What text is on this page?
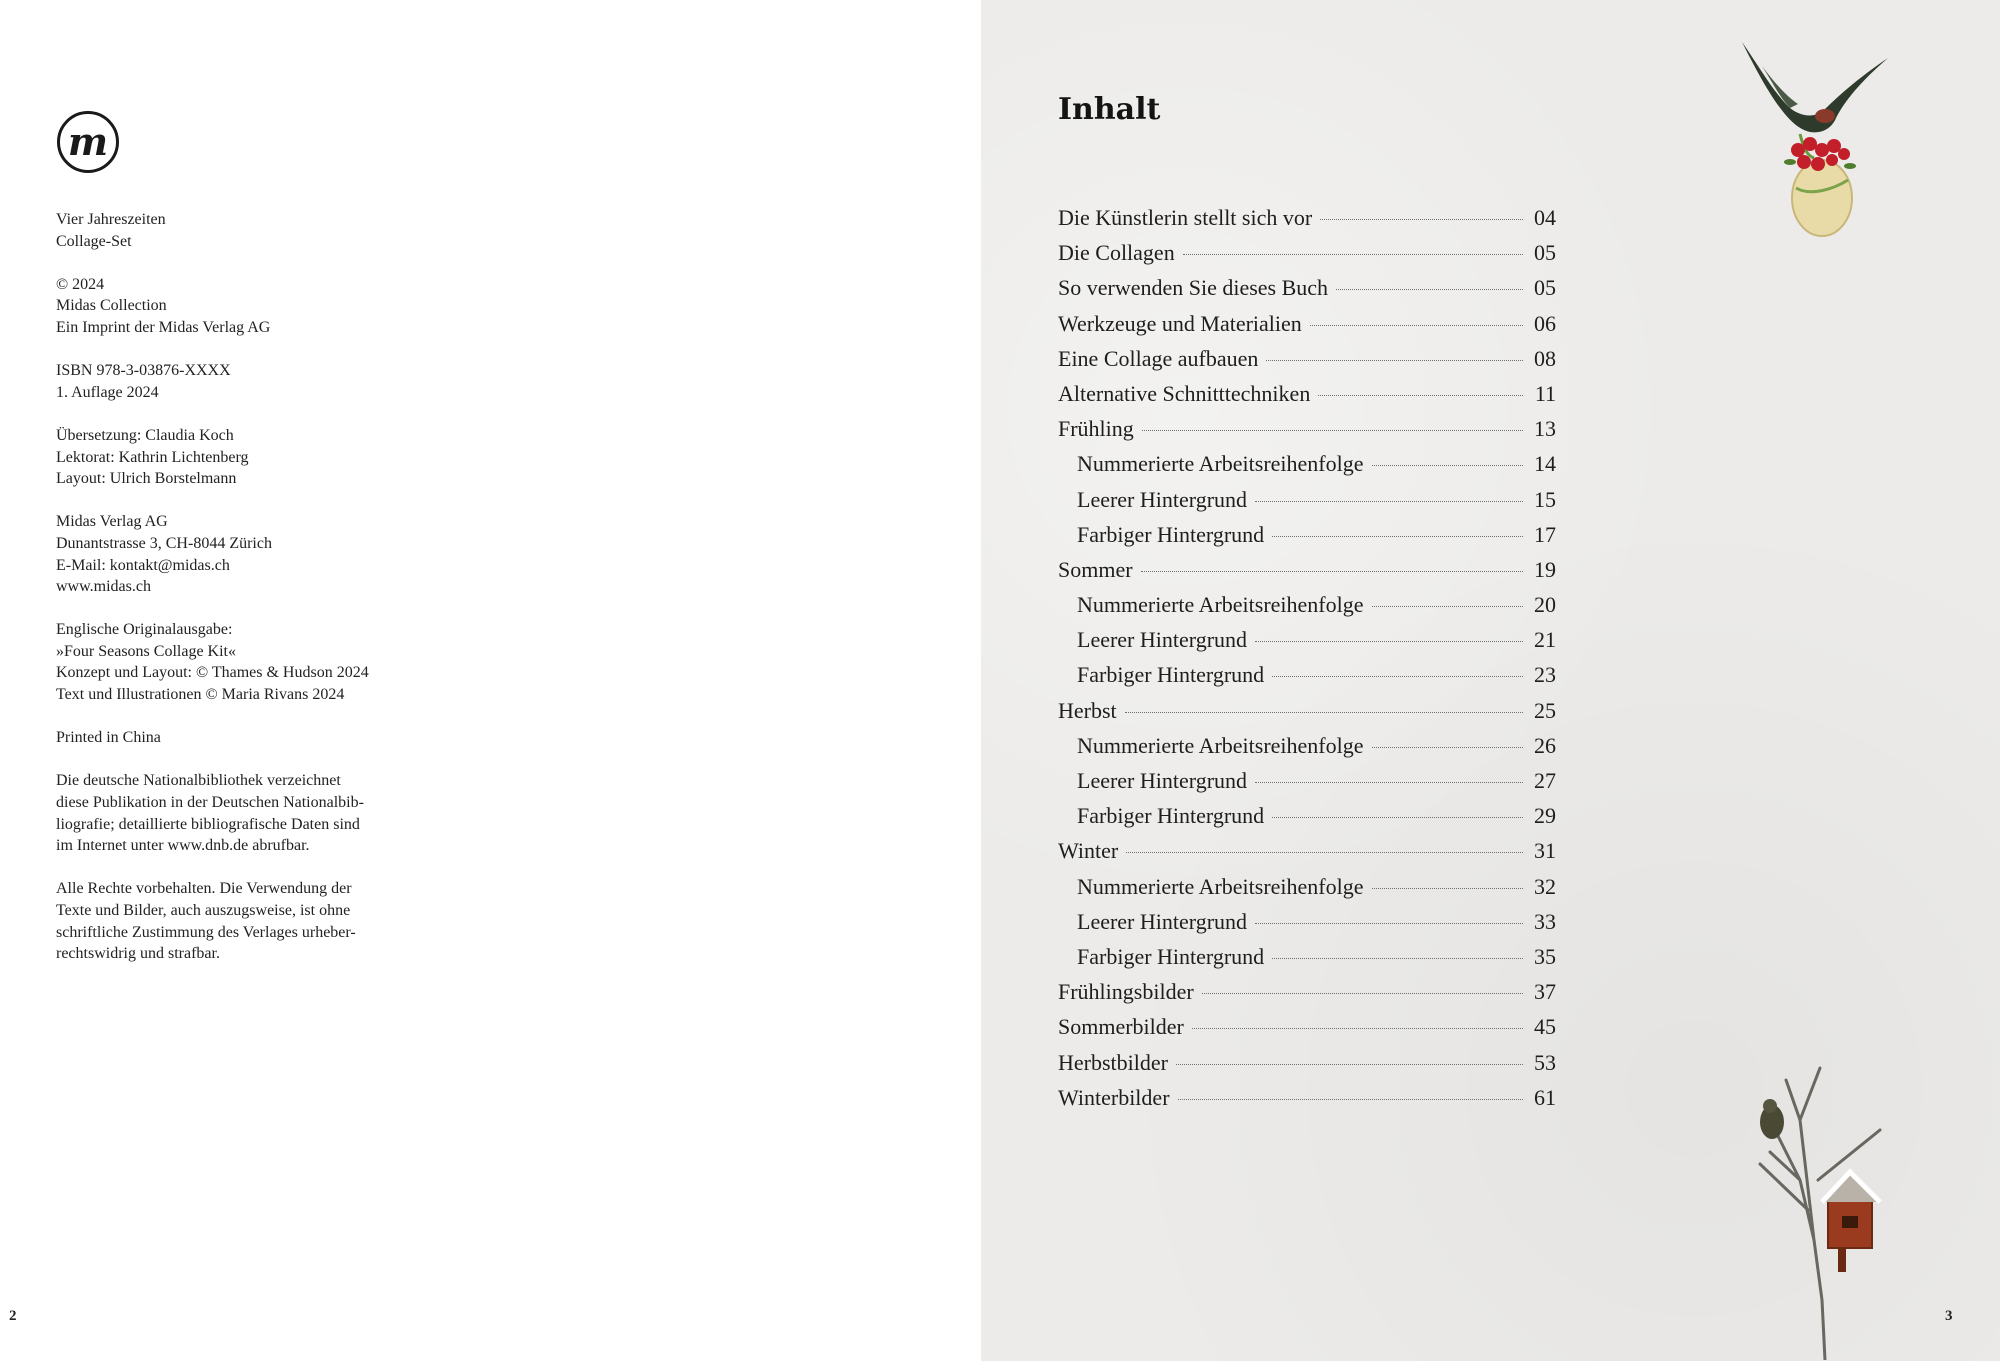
m
Vier Jahreszeiten
Collage-Set
© 2024
Midas Collection
Ein Imprint der Midas Verlag AG
ISBN 978-3-03876-XXXX
1. Auflage 2024
Übersetzung: Claudia Koch
Lektorat: Kathrin Lichtenberg
Layout: Ulrich Borstelmann
Midas Verlag AG
Dunantstrasse 3, CH-8044 Zürich
E-Mail: kontakt@midas.ch
www.midas.ch
Englische Originalausgabe:
»Four Seasons Collage Kit«
Konzept und Layout: © Thames & Hudson 2024
Text und Illustrationen © Maria Rivans 2024
Printed in China
Die deutsche Nationalbibliothek verzeichnet
diese Publikation in der Deutschen Nationalbib-
liografie; detaillierte bibliografische Daten sind
im Internet unter www.dnb.de abrufbar.
Alle Rechte vorbehalten. Die Verwendung der
Texte und Bilder, auch auszugsweise, ist ohne
schriftliche Zustimmung des Verlages urheber-
rechtswidrig und strafbar.
2
Inhalt
Die Künstlerin stellt sich vor	04
Die Collagen	05
So verwenden Sie dieses Buch	05
Werkzeuge und Materialien	06
Eine Collage aufbauen	08
Alternative Schnitttechniken	11
Frühling	13
Nummerierte Arbeitsreihenfolge	14
Leerer Hintergrund	15
Farbiger Hintergrund	17
Sommer	19
Nummerierte Arbeitsreihenfolge	20
Leerer Hintergrund	21
Farbiger Hintergrund	23
Herbst	25
Nummerierte Arbeitsreihenfolge	26
Leerer Hintergrund	27
Farbiger Hintergrund	29
Winter	31
Nummerierte Arbeitsreihenfolge	32
Leerer Hintergrund	33
Farbiger Hintergrund	35
Frühlingsbilder	37
Sommerbilder	45
Herbstbilder	53
Winterbilder	61
3
